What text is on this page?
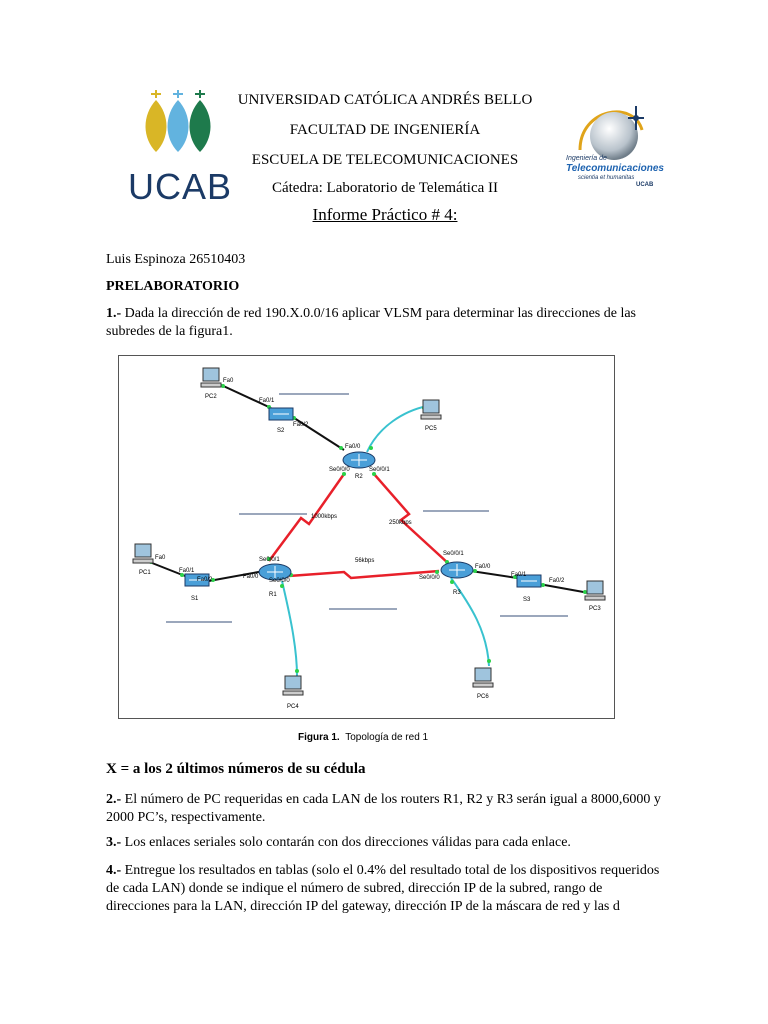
UCAB
UNIVERSIDAD CATÓLICA ANDRÉS BELLO
FACULTAD DE INGENIERÍA
ESCUELA DE TELECOMUNICACIONES
Cátedra: Laboratorio de Telemática II
Informe Práctico # 4:
Ingeniería de
Telecomunicaciones
scientia et humanitas
UCAB
Luis Espinoza 26510403
PRELABORATORIO
1.- Dada la dirección de red 190.X.0.0/16 aplicar VLSM para determinar las direcciones de las subredes de la figura1.
1000kbps
250kbps
56kbps
PC2
PC5
S2
R2
PC1
S1
R1
PC4
PC6
R3
S3
PC3
Fa0
Fa0/1
Fa0/2
Fa0/0
Se0/0/0	Se0/0/1
Fa0
Fa0/1
Fa0/2	Fa0/0
Se0/0/1
Se0/0/0
Se0/0/1
Se0/0/0
Fa0/0
Fa0/1
Fa0/2
Figura 1. Topología de red 1
X = a los 2 últimos números de su cédula
2.- El número de PC requeridas en cada LAN de los routers R1, R2 y R3 serán igual a 8000,6000 y 2000 PC’s, respectivamente.
3.- Los enlaces seriales solo contarán con dos direcciones válidas para cada enlace.
4.- Entregue los resultados en tablas (solo el 0.4% del resultado total de los dispositivos requeridos de cada LAN) donde se indique el número de subred, dirección IP de la subred, rango de direcciones para la LAN, dirección IP del gateway, dirección IP de la máscara de red y las d
